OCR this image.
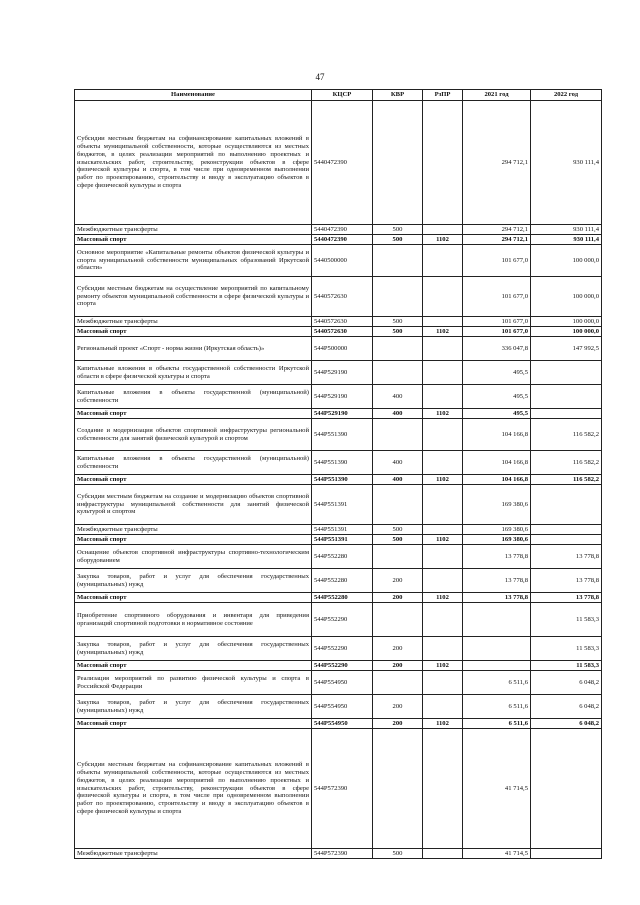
47
Наименование	КЦСР	КВР	РзПР	2021 год	2022 год
Субсидии местным бюджетам на софинансирование капитальных вложений в объекты муниципальной собственности, которые осуществляются из местных бюджетов, в целях реализации мероприятий по выполнению проектных и изыскательских работ, строительству, реконструкции объектов в сфере физической культуры и спорта, в том числе при одновременном выполнении работ по проектированию, строительству и вводу в эксплуатацию объектов в сфере физической культуры и спорта	5440472390			294 712,1	930 111,4
Межбюджетные трансферты	5440472390	500		294 712,1	930 111,4
Массовый спорт	5440472390	500	1102	294 712,1	930 111,4
Основное мероприятие «Капитальные ремонты объектов физической культуры и спорта муниципальной собственности муниципальных образований Иркутской области»	5440500000			101 677,0	100 000,0
Субсидии местным бюджетам на осуществление мероприятий по капитальному ремонту объектов муниципальной собственности в сфере физической культуры и спорта	5440572630			101 677,0	100 000,0
Межбюджетные трансферты	5440572630	500		101 677,0	100 000,0
Массовый спорт	5440572630	500	1102	101 677,0	100 000,0
Региональный проект «Спорт - норма жизни (Иркутская область)»	544P500000			336 047,8	147 992,5
Капитальные вложения в объекты государственной собственности Иркутской области в сфере физической культуры и спорта	544P529190			495,5	
Капитальные вложения в объекты государственной (муниципальной) собственности	544P529190	400		495,5	
Массовый спорт	544P529190	400	1102	495,5	
Создание и модернизация объектов спортивной инфраструктуры региональной собственности для занятий физической культурой и спортом	544P551390			104 166,8	116 582,2
Капитальные вложения в объекты государственной (муниципальной) собственности	544P551390	400		104 166,8	116 582,2
Массовый спорт	544P551390	400	1102	104 166,8	116 582,2
Субсидии местным бюджетам на создание и модернизацию объектов спортивной инфраструктуры муниципальной собственности для занятий физической культурой и спортом	544P551391			169 380,6	
Межбюджетные трансферты	544P551391	500		169 380,6	
Массовый спорт	544P551391	500	1102	169 380,6	
Оснащение объектов спортивной инфраструктуры спортивно-технологическим оборудованием	544P552280			13 778,8	13 778,8
Закупка товаров, работ и услуг для обеспечения государственных (муниципальных) нужд	544P552280	200		13 778,8	13 778,8
Массовый спорт	544P552280	200	1102	13 778,8	13 778,8
Приобретение спортивного оборудования и инвентаря для приведения организаций спортивной подготовки в нормативное состояние	544P552290				11 583,3
Закупка товаров, работ и услуг для обеспечения государственных (муниципальных) нужд	544P552290	200			11 583,3
Массовый спорт	544P552290	200	1102		11 583,3
Реализация мероприятий по развитию физической культуры и спорта в Российской Федерации	544P554950			6 511,6	6 048,2
Закупка товаров, работ и услуг для обеспечения государственных (муниципальных) нужд	544P554950	200		6 511,6	6 048,2
Массовый спорт	544P554950	200	1102	6 511,6	6 048,2
Субсидии местным бюджетам на софинансирование капитальных вложений в объекты муниципальной собственности, которые осуществляются из местных бюджетов, в целях реализации мероприятий по выполнению проектных и изыскательских работ, строительству, реконструкции объектов в сфере физической культуры и спорта, в том числе при одновременном выполнении работ по проектированию, строительству и вводу в эксплуатацию объектов в сфере физической культуры и спорта	544P572390			41 714,5	
Межбюджетные трансферты	544P572390	500		41 714,5	
